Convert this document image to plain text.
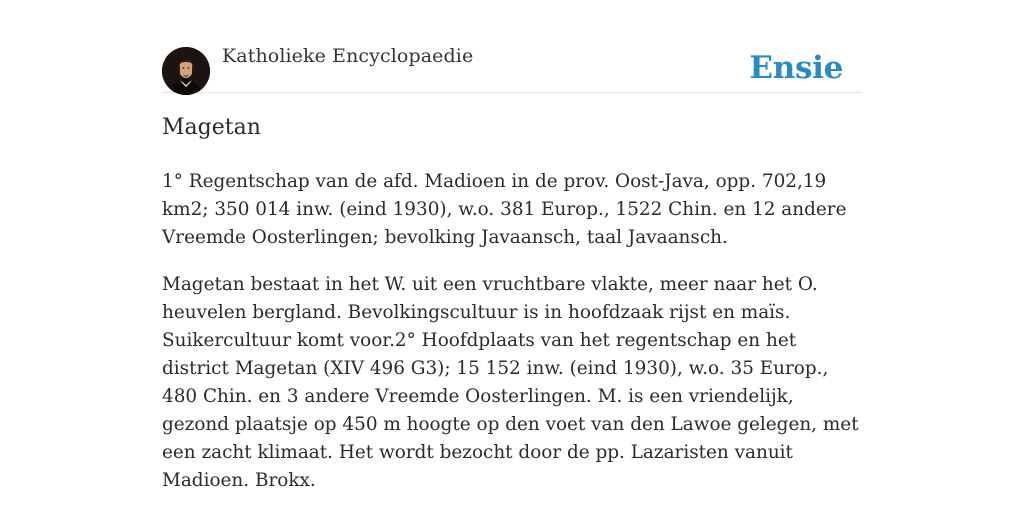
Katholieke Encyclopaedie	Ensie
Magetan

1° Regentschap van de afd. Madioen in de prov. Oost-Java, opp. 702,19 km2; 350 014 inw. (eind 1930), w.o. 381 Europ., 1522 Chin. en 12 andere Vreemde Oosterlingen; bevolking Javaansch, taal Javaansch.

Magetan bestaat in het W. uit een vruchtbare vlakte, meer naar het O. heuvelen bergland. Bevolkingscultuur is in hoofdzaak rijst en maïs. Suikercultuur komt voor.2° Hoofdplaats van het regentschap en het district Magetan (XIV 496 G3); 15 152 inw. (eind 1930), w.o. 35 Europ., 480 Chin. en 3 andere Vreemde Oosterlingen. M. is een vriendelijk, gezond plaatsje op 450 m hoogte op den voet van den Lawoe gelegen, met een zacht klimaat. Het wordt bezocht door de pp. Lazaristen vanuit Madioen. Brokx.
